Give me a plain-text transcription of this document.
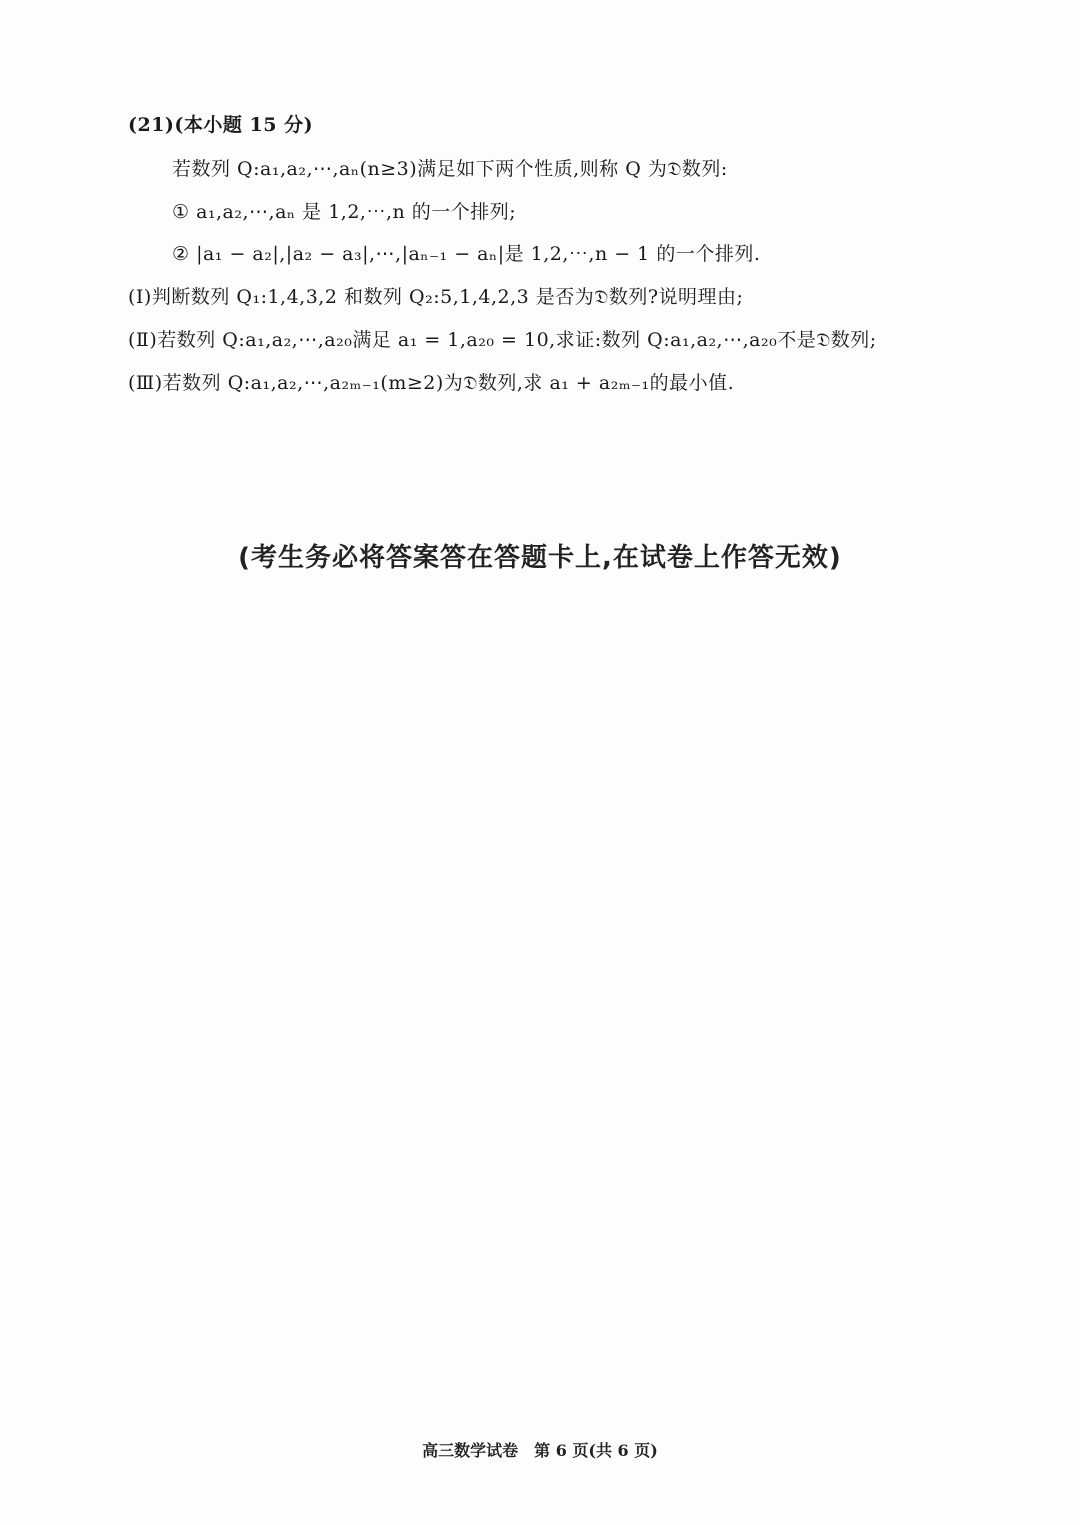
(21)(本小题 15 分)
若数列 Q:a₁,a₂,⋯,aₙ(n≥3)满足如下两个性质,则称 Q 为𝔇数列:
① a₁,a₂,⋯,aₙ 是 1,2,⋯,n 的一个排列;
② |a₁ − a₂|,|a₂ − a₃|,⋯,|aₙ₋₁ − aₙ|是 1,2,⋯,n − 1 的一个排列.
(Ⅰ)判断数列 Q₁:1,4,3,2 和数列 Q₂:5,1,4,2,3 是否为𝔇数列?说明理由;
(Ⅱ)若数列 Q:a₁,a₂,⋯,a₂₀满足 a₁ = 1,a₂₀ = 10,求证:数列 Q:a₁,a₂,⋯,a₂₀不是𝔇数列;
(Ⅲ)若数列 Q:a₁,a₂,⋯,a₂ₘ₋₁(m≥2)为𝔇数列,求 a₁ + a₂ₘ₋₁的最小值.
(考生务必将答案答在答题卡上,在试卷上作答无效)
高三数学试卷　第 6 页(共 6 页)
